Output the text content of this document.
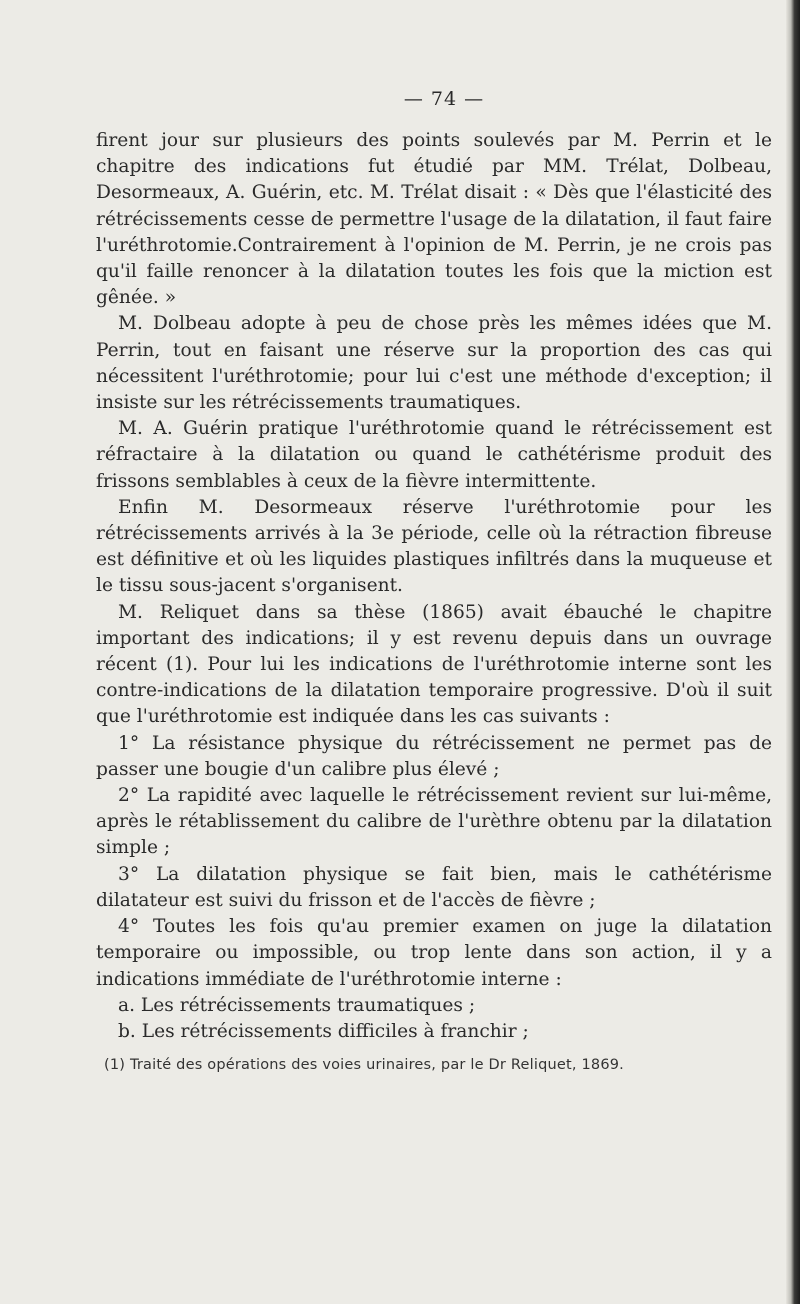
— 74 —

firent jour sur plusieurs des points soulevés par M. Perrin et le chapitre des indications fut étudié par MM. Trélat, Dolbeau, Desormeaux, A. Guérin, etc. M. Trélat disait : « Dès que l'élasticité des rétrécissements cesse de permettre l'usage de la dilatation, il faut faire l'uréthrotomie.Contrairement à l'opinion de M. Perrin, je ne crois pas qu'il faille renoncer à la dilatation toutes les fois que la miction est gênée. »

M. Dolbeau adopte à peu de chose près les mêmes idées que M. Perrin, tout en faisant une réserve sur la proportion des cas qui nécessitent l'uréthrotomie; pour lui c'est une méthode d'exception; il insiste sur les rétrécissements traumatiques.

M. A. Guérin pratique l'uréthrotomie quand le rétrécissement est réfractaire à la dilatation ou quand le cathétérisme produit des frissons semblables à ceux de la fièvre intermittente.

Enfin M. Desormeaux réserve l'uréthrotomie pour les rétrécissements arrivés à la 3e période, celle où la rétraction fibreuse est définitive et où les liquides plastiques infiltrés dans la muqueuse et le tissu sous-jacent s'organisent.

M. Reliquet dans sa thèse (1865) avait ébauché le chapitre important des indications; il y est revenu depuis dans un ouvrage récent (1). Pour lui les indications de l'uréthrotomie interne sont les contre-indications de la dilatation temporaire progressive. D'où il suit que l'uréthrotomie est indiquée dans les cas suivants :

1° La résistance physique du rétrécissement ne permet pas de passer une bougie d'un calibre plus élevé ;

2° La rapidité avec laquelle le rétrécissement revient sur lui-même, après le rétablissement du calibre de l'urèthre obtenu par la dilatation simple ;

3° La dilatation physique se fait bien, mais le cathétérisme dilatateur est suivi du frisson et de l'accès de fièvre ;

4° Toutes les fois qu'au premier examen on juge la dilatation temporaire ou impossible, ou trop lente dans son action, il y a indications immédiate de l'uréthrotomie interne :

a. Les rétrécissements traumatiques ;

b. Les rétrécissements difficiles à franchir ;

(1) Traité des opérations des voies urinaires, par le Dr Reliquet, 1869.
